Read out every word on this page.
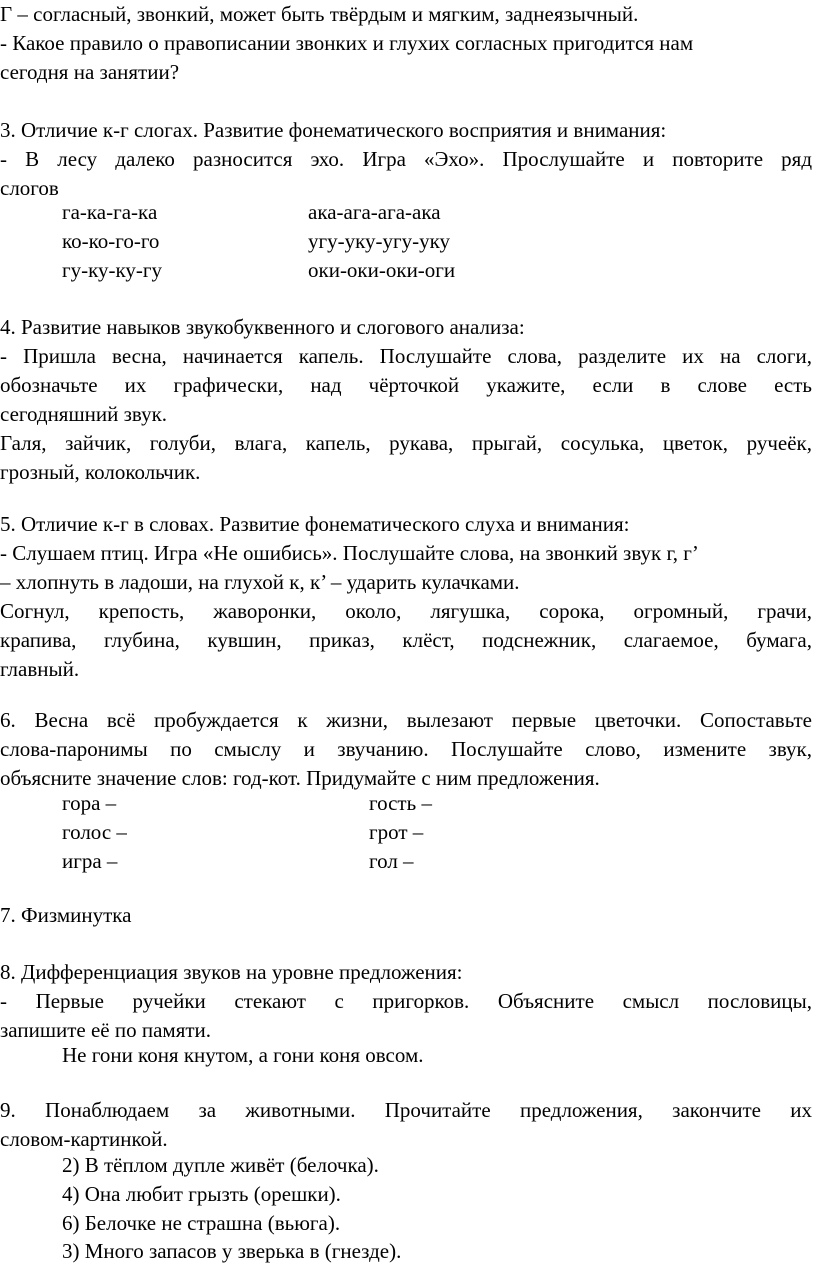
Г – согласный, звонкий, может быть твёрдым и мягким, заднеязычный.

- Какое правило о правописании звонких и глухих согласных пригодится нам

сегодня на занятии?

3. Отличие к-г слогах. Развитие фонематического восприятия и внимания:

- В лесу далеко разносится эхо. Игра «Эхо». Прослушайте и повторите ряд

слогов

га-ка-га-ка	ака-ага-ага-ака
ко-ко-го-го	угу-уку-угу-уку
гу-ку-ку-гу	оки-оки-оки-оги

4. Развитие навыков звукобуквенного и слогового анализа:

- Пришла весна, начинается капель. Послушайте слова, разделите их на слоги,

обозначьте их графически, над чёрточкой укажите, если в слове есть

сегодняшний звук.

Галя, зайчик, голуби, влага, капель, рукава, прыгай, сосулька, цветок, ручеёк,

грозный, колокольчик.

5. Отличие к-г в словах. Развитие фонематического слуха и внимания:

- Слушаем птиц. Игра «Не ошибись». Послушайте слова, на звонкий звук г, г’

– хлопнуть в ладоши, на глухой к, к’ – ударить кулачками.

Согнул, крепость, жаворонки, около, лягушка, сорока, огромный, грачи,

крапива, глубина, кувшин, приказ, клёст, подснежник, слагаемое, бумага,

главный.

6. Весна всё пробуждается к жизни, вылезают первые цветочки. Сопоставьте

слова-паронимы по смыслу и звучанию. Послушайте слово, измените звук,

объясните значение слов: год-кот. Придумайте с ним предложения.

гора –	гость –
голос –	грот –
игра –	гол –

7. Физминутка

8. Дифференциация звуков на уровне предложения:

- Первые ручейки стекают с пригорков. Объясните смысл пословицы,

запишите её по памяти.

Не гони коня кнутом, а гони коня овсом.

9. Понаблюдаем за животными. Прочитайте предложения, закончите их

словом-картинкой.

2) В тёплом дупле живёт (белочка).
4) Она любит грызть (орешки).
6) Белочке не страшна (вьюга).
3) Много запасов у зверька в (гнезде).
